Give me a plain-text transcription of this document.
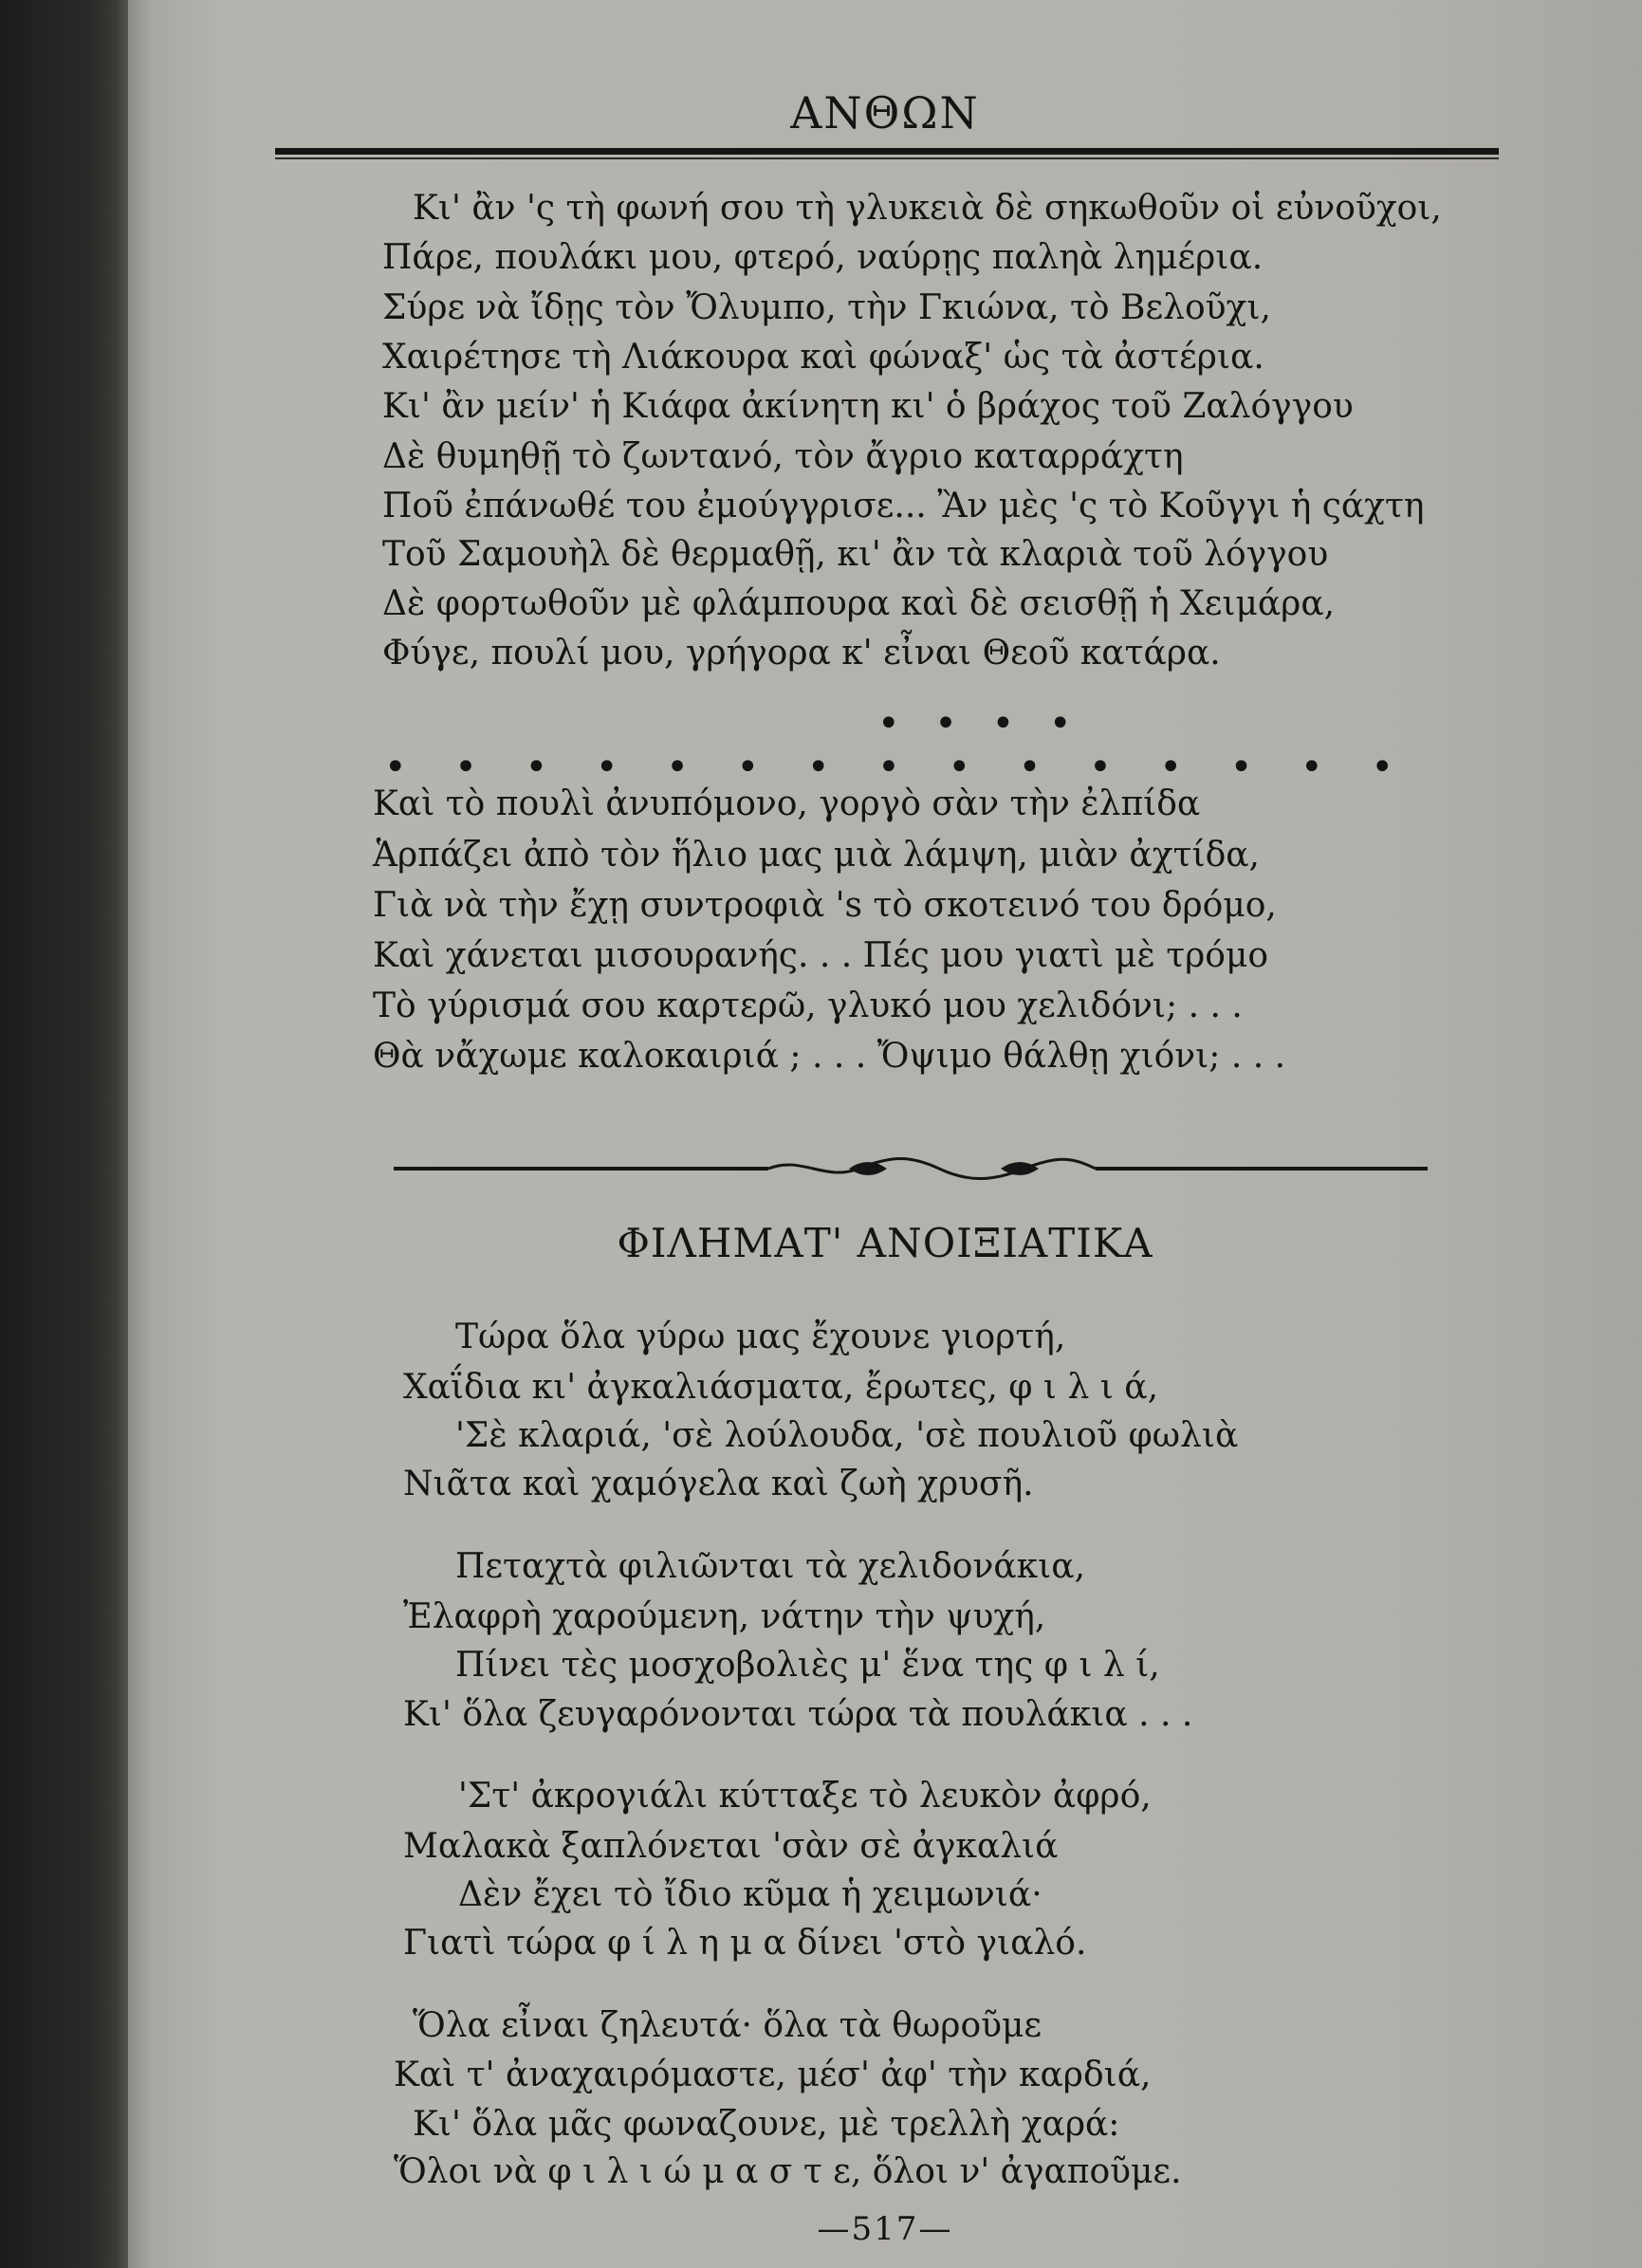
ΑΝΘΩΝ
Κι' ἂν 'ς τὴ φωνή σου τὴ γλυκειὰ δὲ σηκωθοῦν οἱ εὐνοῦχοι,
Πάρε, πουλάκι μου, φτερό, ναύρῃς παληὰ λημέρια.
Σύρε νὰ ἴδῃς τὸν Ὄλυμπο, τὴν Γκιώνα, τὸ Βελοῦχι,
Χαιρέτησε τὴ Λιάκουρα καὶ φώναξ' ὡς τὰ ἀστέρια.
Κι' ἂν μείν' ἡ Κιάφα ἀκίνητη κι' ὁ βράχος τοῦ Ζαλόγγου
Δὲ θυμηθῇ τὸ ζωντανό, τὸν ἄγριο καταρράχτη
Ποῦ ἐπάνωθέ του ἐμούγγρισε... Ἂν μὲς 'ς τὸ Κοῦγγι ἡ ςάχτη
Τοῦ Σαμουὴλ δὲ θερμαθῇ, κι' ἂν τὰ κλαριὰ τοῦ λόγγου
Δὲ φορτωθοῦν μὲ φλάμπουρα καὶ δὲ σεισθῇ ἡ Χειμάρα,
Φύγε, πουλί μου, γρήγορα κ' εἶναι Θεοῦ κατάρα.
• • • •
• • • • • • • • • • • • • • •
Καὶ τὸ πουλὶ ἀνυπόμονο, γοργὸ σὰν τὴν ἐλπίδα
Ἁρπάζει ἀπὸ τὸν ἥλιο μας μιὰ λάμψη, μιὰν ἀχτίδα,
Γιὰ νὰ τὴν ἔχῃ συντροφιὰ 's τὸ σκοτεινό του δρόμο,
Καὶ χάνεται μισουρανής. . . Πές μου γιατὶ μὲ τρόμο
Τὸ γύρισμά σου καρτερῶ, γλυκό μου χελιδόνι; . . .
Θὰ νἄχωμε καλοκαιριά ; . . . Ὄψιμο θάλθῃ χιόνι; . . .
ΦΙΛΗΜΑΤ' ΑΝΟΙΞΙΑΤΙΚΑ
Τώρα ὅλα γύρω μας ἔχουνε γιορτή,
Χαΐδια κι' ἀγκαλιάσματα, ἔρωτες, φ ι λ ι ά,
'Σὲ κλαριά, 'σὲ λούλουδα, 'σὲ πουλιοῦ φωλιὰ
Νιᾶτα καὶ χαμόγελα καὶ ζωὴ χρυσῆ.
Πεταχτὰ φιλιῶνται τὰ χελιδονάκια,
Ἐλαφρὴ χαρούμενη, νάτην τὴν ψυχή,
Πίνει τὲς μοσχοβολιὲς μ' ἕνα της φ ι λ ί,
Κι' ὅλα ζευγαρόνονται τώρα τὰ πουλάκια . . .
'Στ' ἀκρογιάλι κύτταξε τὸ λευκὸν ἀφρό,
Μαλακὰ ξαπλόνεται 'σὰν σὲ ἀγκαλιά
Δὲν ἔχει τὸ ἴδιο κῦμα ἡ χειμωνιά·
Γιατὶ τώρα φ ί λ η μ α δίνει 'στὸ γιαλό.
Ὅλα εἶναι ζηλευτά· ὅλα τὰ θωροῦμε
Καὶ τ' ἀναχαιρόμαστε, μέσ' ἀφ' τὴν καρδιά,
Κι' ὅλα μᾶς φωναζουνε, μὲ τρελλὴ χαρά:
Ὅλοι νὰ φ ι λ ι ώ μ α σ τ ε, ὅλοι ν' ἀγαποῦμε.
—517—
